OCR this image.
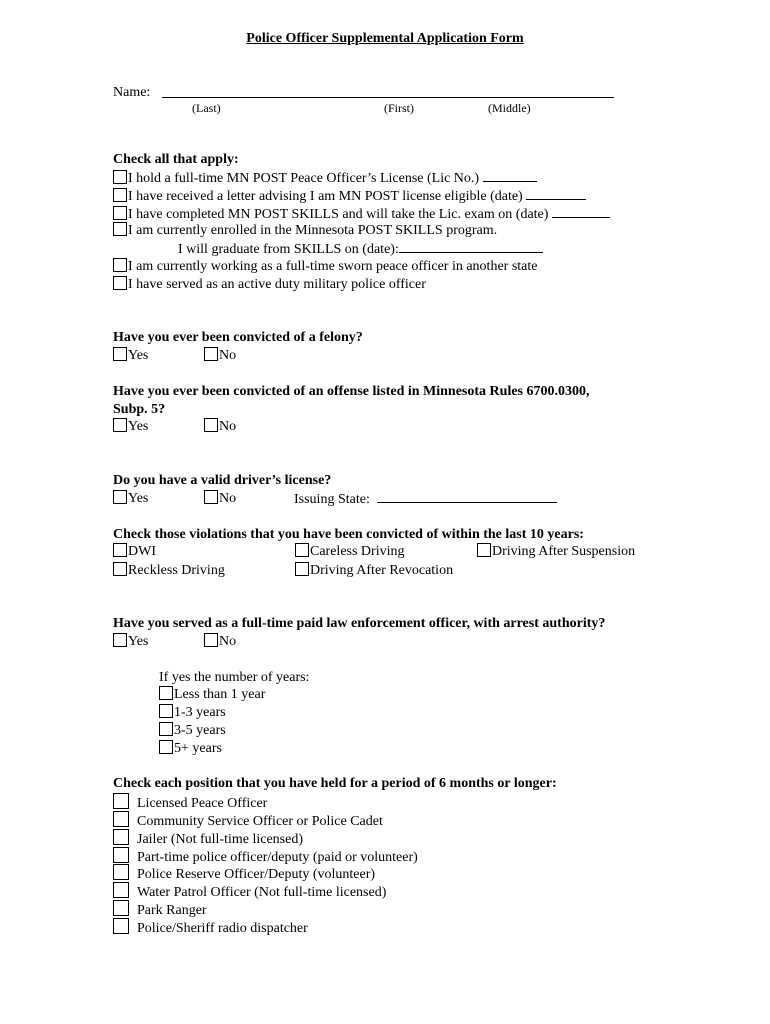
Police Officer Supplemental Application Form
Name:
(Last)	(First)	(Middle)
Check all that apply:
I hold a full-time MN POST Peace Officer’s License (Lic No.)
I have received a letter advising I am MN POST license eligible (date)
I have completed MN POST SKILLS and will take the Lic. exam on (date)
I am currently enrolled in the Minnesota POST SKILLS program.
I will graduate from SKILLS on (date):
I am currently working as a full-time sworn peace officer in another state
I have served as an active duty military police officer
Have you ever been convicted of a felony?
Yes	No
Have you ever been convicted of an offense listed in Minnesota Rules 6700.0300,
Subp. 5?
Yes	No
Do you have a valid driver’s license?
Yes	No	Issuing State:
Check those violations that you have been convicted of within the last 10 years:
DWI	Careless Driving	Driving After Suspension
Reckless Driving	Driving After Revocation
Have you served as a full-time paid law enforcement officer, with arrest authority?
Yes	No
If yes the number of years:
Less than 1 year
1-3 years
3-5 years
5+ years
Check each position that you have held for a period of 6 months or longer:
Licensed Peace Officer
Community Service Officer or Police Cadet
Jailer (Not full-time licensed)
Part-time police officer/deputy (paid or volunteer)
Police Reserve Officer/Deputy (volunteer)
Water Patrol Officer (Not full-time licensed)
Park Ranger
Police/Sheriff radio dispatcher
